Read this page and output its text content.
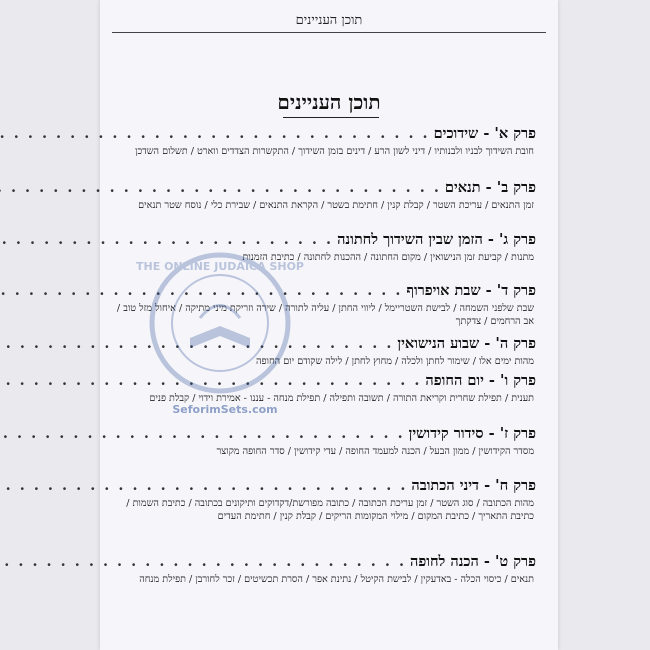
תוכן העניינים
תוכן העניינים
פרק א'

- שידוכים
. . .
חובת השידוך לבניו ולבנותיו / דיני לשון הרע / דינים בזמן השידוך / התקשרות הצדדים ווארט / תשלום השדכן
פרק ב'

- תנאים
. . .
זמן התנאים / עריכת השטר / קבלת קנין / חתימת בשטר / הקראת התנאים / שבירת כלי / נוסח שטר תנאים
פרק ג'

- הזמן שבין השידוך לחתונה
. . .
מתנות / קביעת זמן הנישואין / מקום החתונה / ההכנות לחתונה / כתיבת הזמנות
פרק ד'

- שבת אויפרוף
. . .
שבת שלפני השמחה / לבישת השטריימל / ליווי החתן / עליה לתורה / שירה וזריקת מיני מתיקה / איחול מזל טוב / אב הרחמים / צדקתך
פרק ה'

- שבוע הנישואין
. . .
מהות ימים אלו / שימור לחתן ולכלה / מחוץ לחתן / לילה שקודם יום החופה
פרק ו'

- יום החופה
. . .
תענית / תפילת שחרית וקריאת התורה / תשובה ותפילה / תפילת מנחה - עננו - אמירת וידוי / קבלת פנים
פרק ז'

- סידור קידושין
. . .
מסדר הקידושין / ממון הבעל / הכנה למעמד החופה / עדי קידושין / סדר החופה מקוצר
פרק ח'

- דיני הכתובה
. . .
מהות הכתובה / סוג השטר / זמן עריכת הכתובה / כתובה מפורשת/דקדוקים ותיקונים בכתובה / כתיבת השמות / כתיבת התאריך / כתיבת המקום / מילוי המקומות הריקים / קבלת קנין / חתימת העדים
פרק ט'

- הכנה לחופה
. . .
תנאים / כיסוי הכלה - באדעקין / לבישת הקיטל / נתינת אפר / הסרת תכשיטים / זכר לחורבן / תפילת מנחה
THE ONLINE JUDAICA SHOP
SeforimSets.com
